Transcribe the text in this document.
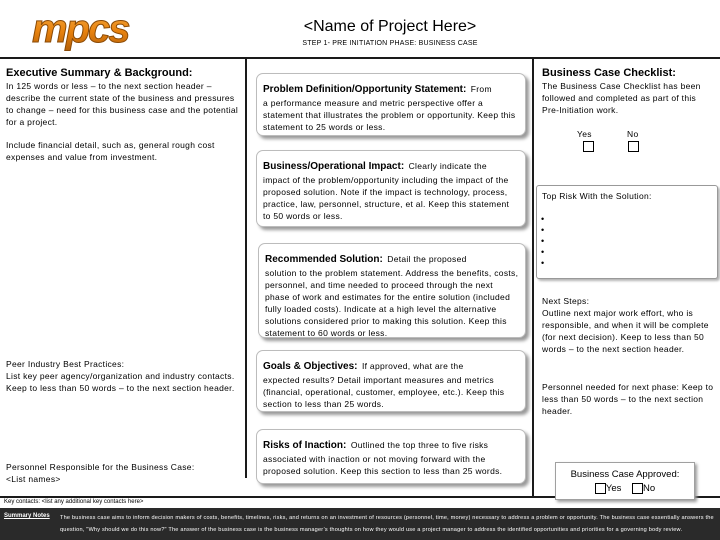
mpcs	<Name of Project Here>
STEP 1- PRE INITIATION PHASE: BUSINESS CASE
Executive Summary & Background:
In 125 words or less – to the next section header – describe the current state of the business and pressures to change – need for this business case and the potential for a project.
Include financial detail, such as, general rough cost expenses and value from investment.
Peer Industry Best Practices:
List key peer agency/organization and industry contacts. Keep to less than 50 words – to the next section header.
Personnel Responsible for the Business Case:
<List names>
Problem Definition/Opportunity Statement: From
a performance measure and metric perspective offer a statement that illustrates the problem or opportunity. Keep this statement to 25 words or less.
Business/Operational Impact: Clearly indicate the
impact of the problem/opportunity including the impact of the proposed solution. Note if the impact is technology, process, practice, law, personnel, structure, et al. Keep this statement to 50 words or less.
Recommended Solution: Detail the proposed
solution to the problem statement. Address the benefits, costs, personnel, and time needed to proceed through the next phase of work and estimates for the entire solution (included fully loaded costs). Indicate at a high level the alternative solutions considered prior to making this solution. Keep this statement to 60 words or less.
Goals & Objectives: If approved, what are the
expected results? Detail important measures and metrics (financial, operational, customer, employee, etc.). Keep this section to less than 25 words.
Risks of Inaction: Outlined the top three to five risks
associated with inaction or not moving forward with the proposed solution. Keep this section to less than 25 words.
Business Case Checklist:
The Business Case Checklist has been followed and completed as part of this Pre-Initiation work.
Yes	No
Top Risk With the Solution:
•
•
•
•
•
Next Steps:
Outline next major work effort, who is responsible, and when it will be complete (for next decision). Keep to less than 50 words – to the next section header.
Personnel needed for next phase: Keep to less than 50 words – to the next section header.
Business Case Approved:
Yes No
Key contacts: <list any additional key contacts here>
Summary Notes The business case aims to inform decision makers of costs, benefits, timelines, risks, and returns on an investment of resources (personnel, time, money) necessary to address a problem or opportunity. The business case essentially answers the question, "Why should we do this now?" The answer of the business case is the business manager’s thoughts on how they would use a project manager to address the identified opportunities and priorities for a governing body review.
